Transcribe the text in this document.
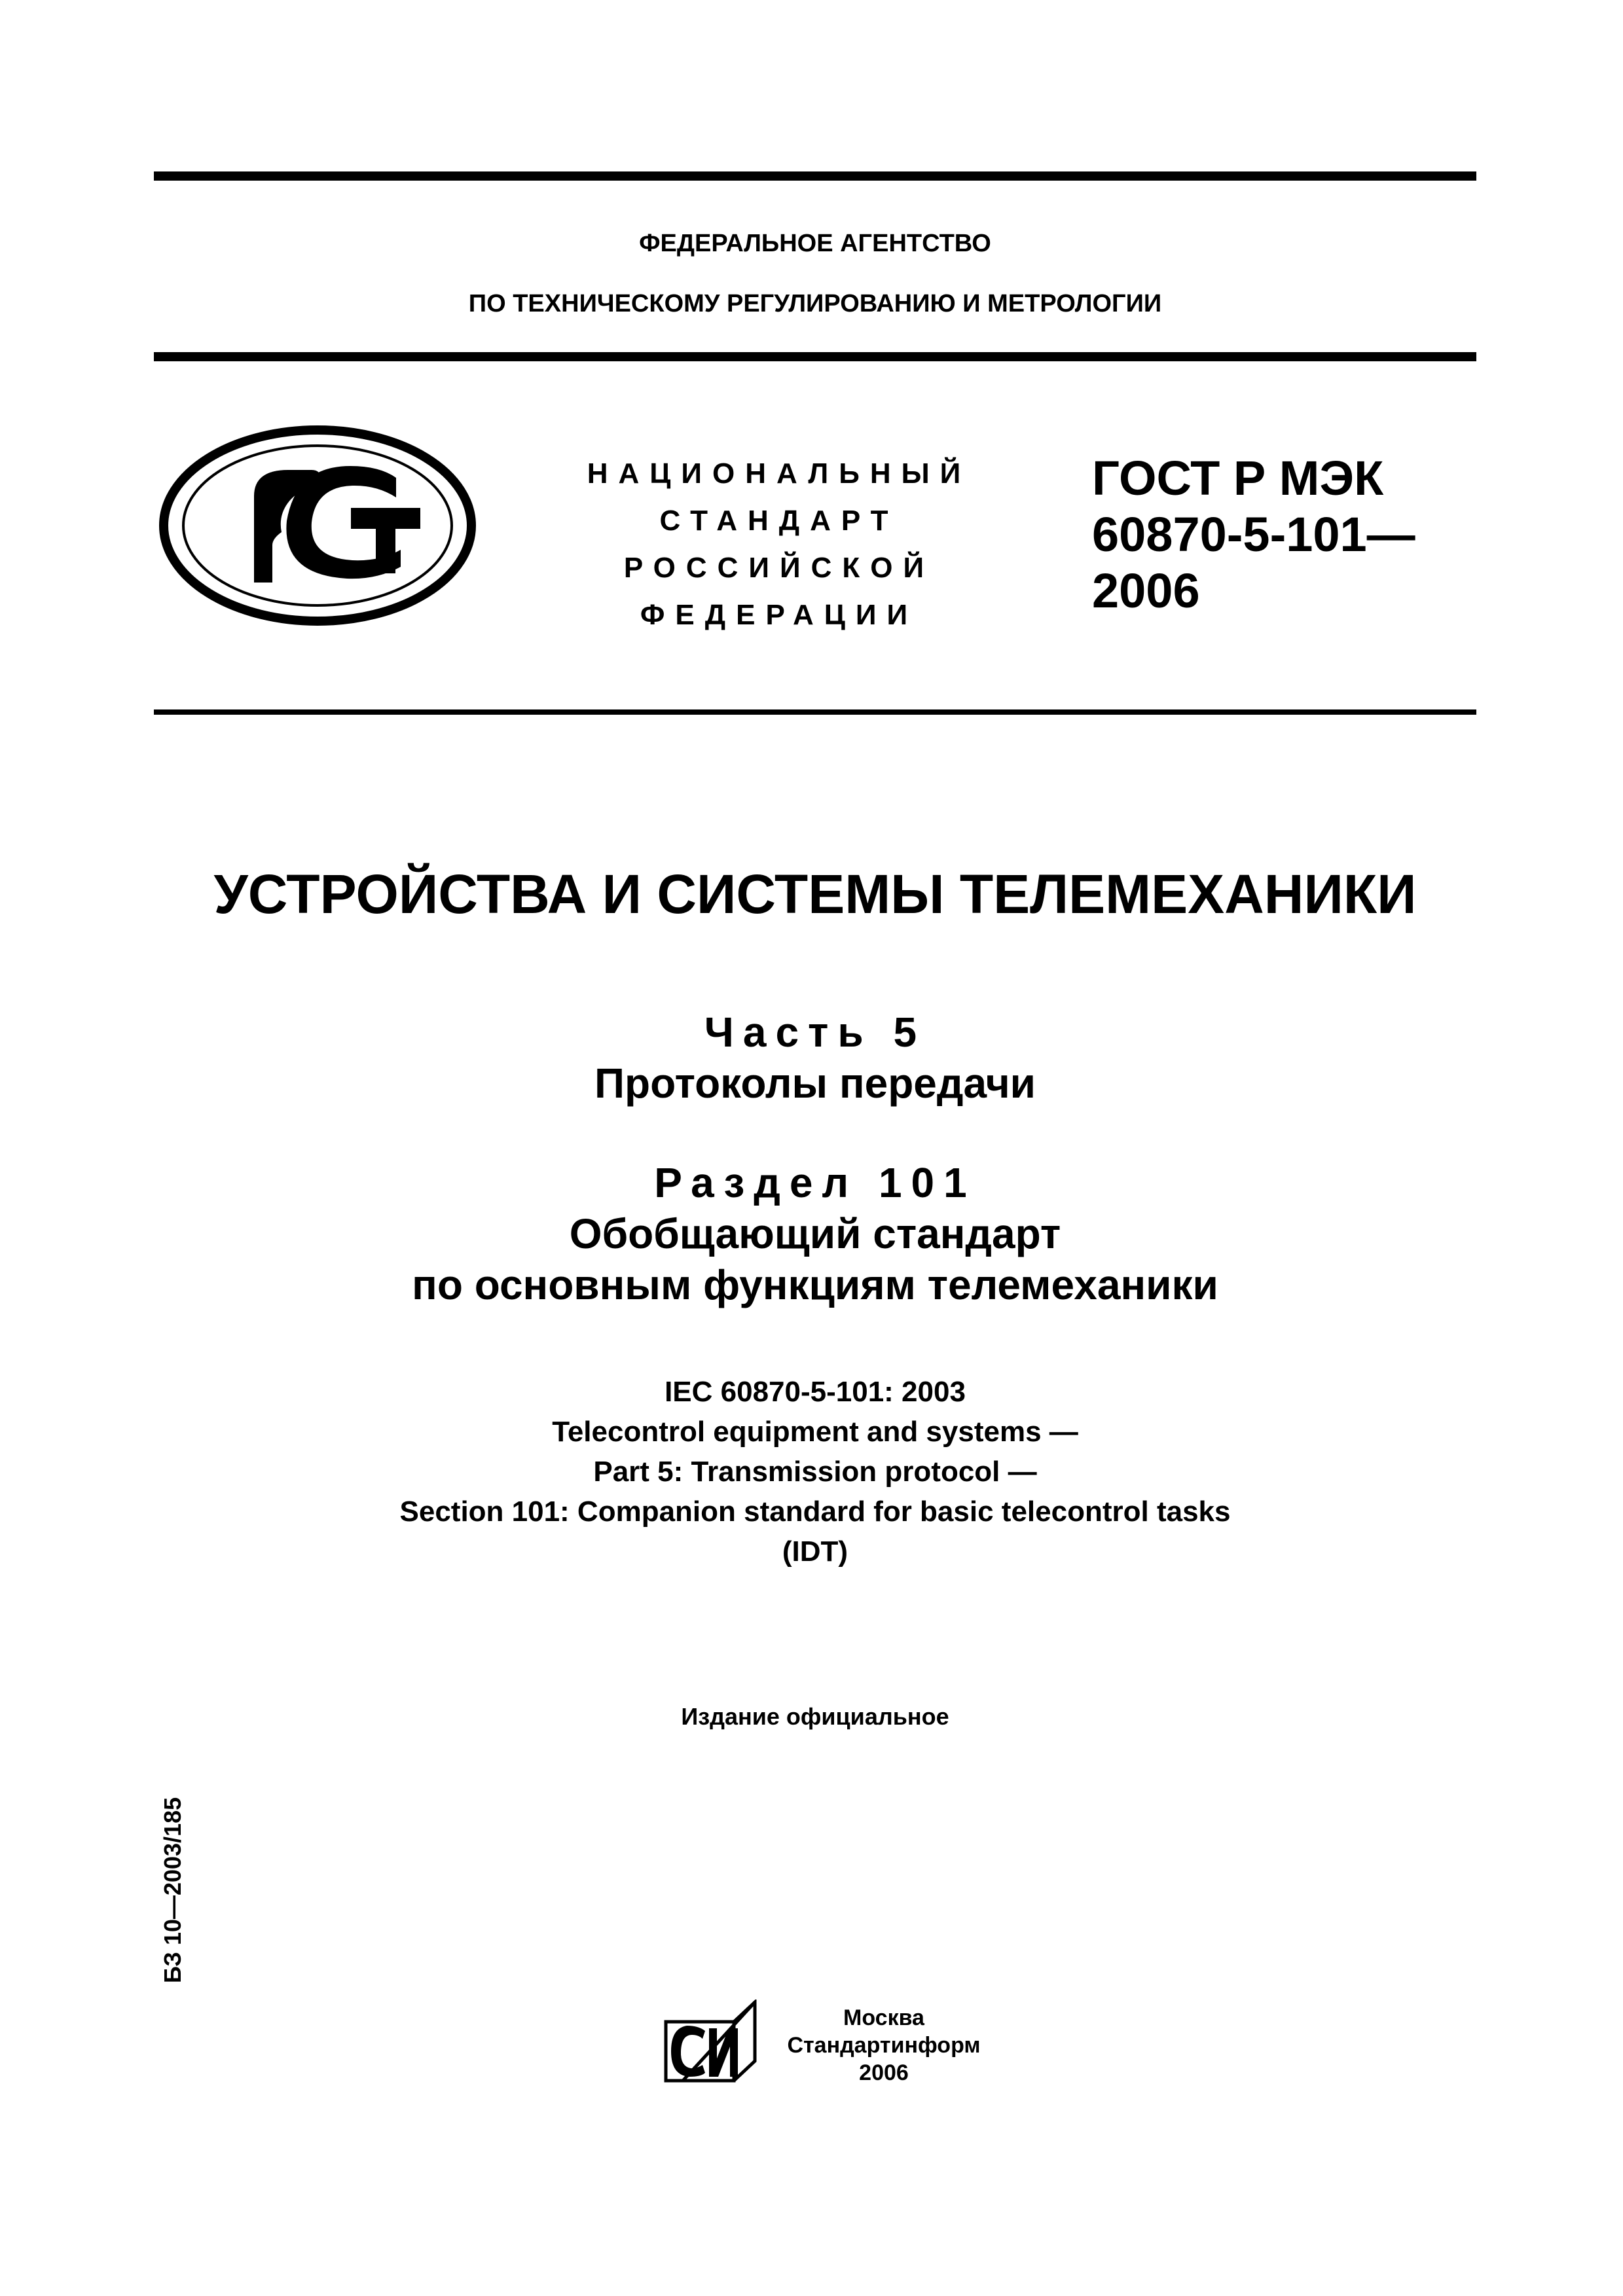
ФЕДЕРАЛЬНОЕ АГЕНТСТВО
ПО ТЕХНИЧЕСКОМУ РЕГУЛИРОВАНИЮ И МЕТРОЛОГИИ
НАЦИОНАЛЬНЫЙ
СТАНДАРТ
РОССИЙСКОЙ
ФЕДЕРАЦИИ
ГОСТ Р МЭК
60870-5-101—
2006
УСТРОЙСТВА И СИСТЕМЫ ТЕЛЕМЕХАНИКИ
Часть 5
Протоколы передачи
Раздел 101
Обобщающий стандарт
по основным функциям телемеханики
IEC 60870-5-101: 2003
Telecontrol equipment and systems —
Part 5: Transmission protocol —
Section 101: Companion standard for basic telecontrol tasks
(IDT)
Издание официальное
БЗ 10—2003/185
Москва
Стандартинформ
2006
